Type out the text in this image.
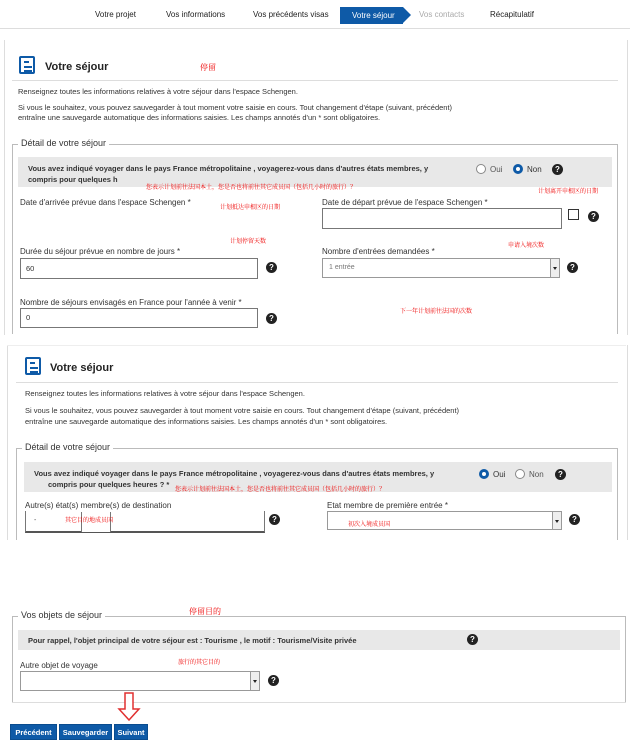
Votre projet	Vos informations	Vos précédents visas	Votre séjour	Vos contacts	Récapitulatif
Votre séjour	停留
Renseignez toutes les informations relatives à votre séjour dans l'espace Schengen.
Si vous le souhaitez, vous pouvez sauvegarder à tout moment votre saisie en cours. Tout changement d'étape (suivant, précédent)
entraîne une sauvegarde automatique des informations saisies. Les champs annotés d'un * sont obligatoires.
Détail de votre séjour
Vous avez indiqué voyager dans le pays France métropolitaine , voyagerez-vous dans d'autres états membres, y
compris pour quelques h
Oui	Non	?
您表示计划前往法国本土，您是否也将前往其它成员国（包括几小时的旅行）？
计划离开申根区的日期
Date d'arrivée prévue dans l'espace Schengen *
计划抵达申根区的日期
Date de départ prévue de l'espace Schengen *
?
计划停留天数
申请入境次数
Durée du séjour prévue en nombre de jours *
60	?
Nombre d'entrées demandées *
1 entrée	?
Nombre de séjours envisagés en France pour l'année à venir *
0	?
下一年计划前往法国的次数
Votre séjour
Renseignez toutes les informations relatives à votre séjour dans l'espace Schengen.
Si vous le souhaitez, vous pouvez sauvegarder à tout moment votre saisie en cours. Tout changement d'étape (suivant, précédent)
entraîne une sauvegarde automatique des informations saisies. Les champs annotés d'un * sont obligatoires.
Détail de votre séjour
Vous avez indiqué voyager dans le pays France métropolitaine , voyagerez-vous dans d'autres états membres, y
compris pour quelques heures ? *
Oui	Non	?
您表示计划前往法国本土，您是否也将前往其它成员国（包括几小时的旅行）？
Autre(s) état(s) membre(s) de destination
-	其它目的地成员国	?
Etat membre de première entrée *
初次入境成员国
?
Vos objets de séjour	停留目的
Pour rappel, l'objet principal de votre séjour est : Tourisme , le motif : Tourisme/Visite privée	?
Autre objet de voyage	旅行的其它目的
?
Précédent	Sauvegarder	Suivant
